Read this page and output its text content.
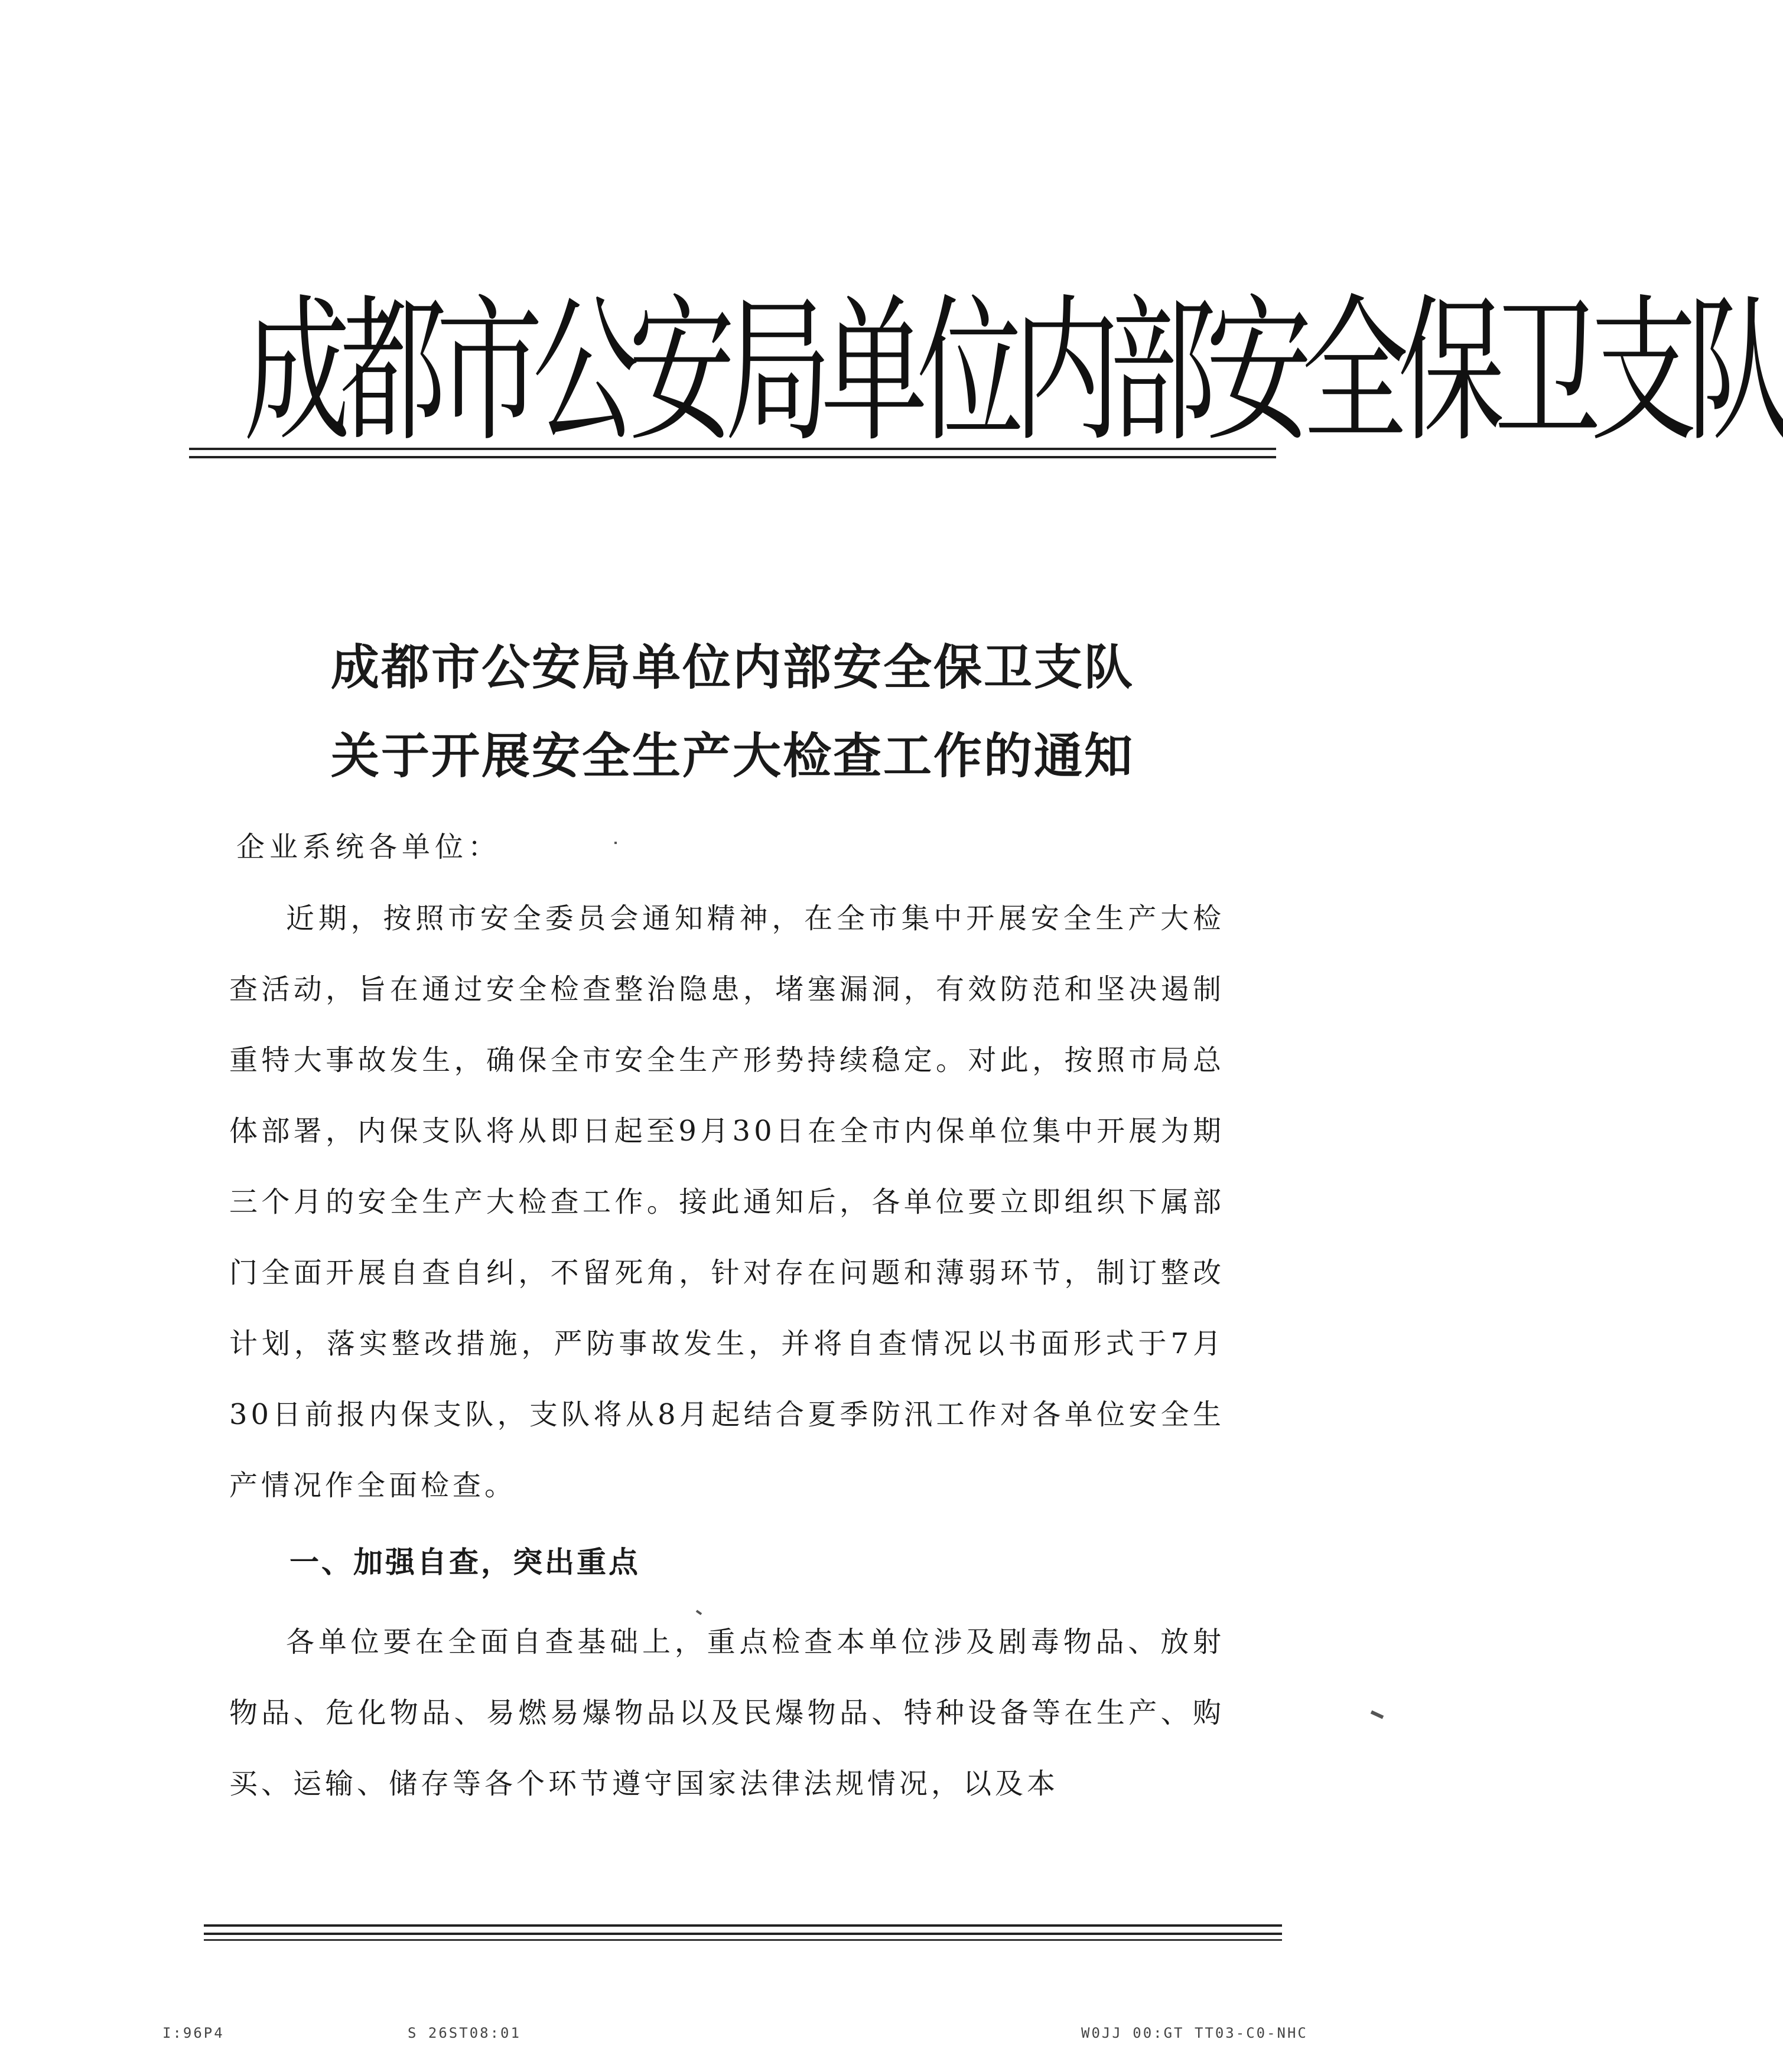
成都市公安局单位内部安全保卫支队
成都市公安局单位内部安全保卫支队
关于开展安全生产大检查工作的通知
企业系统各单位：

近期，按照市安全委员会通知精神，在全市集中开展安全生产大检查活动，旨在通过安全检查整治隐患，堵塞漏洞，有效防范和坚决遏制重特大事故发生，确保全市安全生产形势持续稳定。对此，按照市局总体部署，内保支队将从即日起至9月30日在全市内保单位集中开展为期三个月的安全生产大检查工作。接此通知后，各单位要立即组织下属部门全面开展自查自纠，不留死角，针对存在问题和薄弱环节，制订整改计划，落实整改措施，严防事故发生，并将自查情况以书面形式于7月30日前报内保支队，支队将从8月起结合夏季防汛工作对各单位安全生产情况作全面检查。

一、加强自查，突出重点

各单位要在全面自查基础上，重点检查本单位涉及剧毒物品、放射物品、危化物品、易燃易爆物品以及民爆物品、特种设备等在生产、购买、运输、储存等各个环节遵守国家法律法规情况，以及本

I:96P4	S 26ST08:01	W0JJ 00:GT TT03-C0-NHC
